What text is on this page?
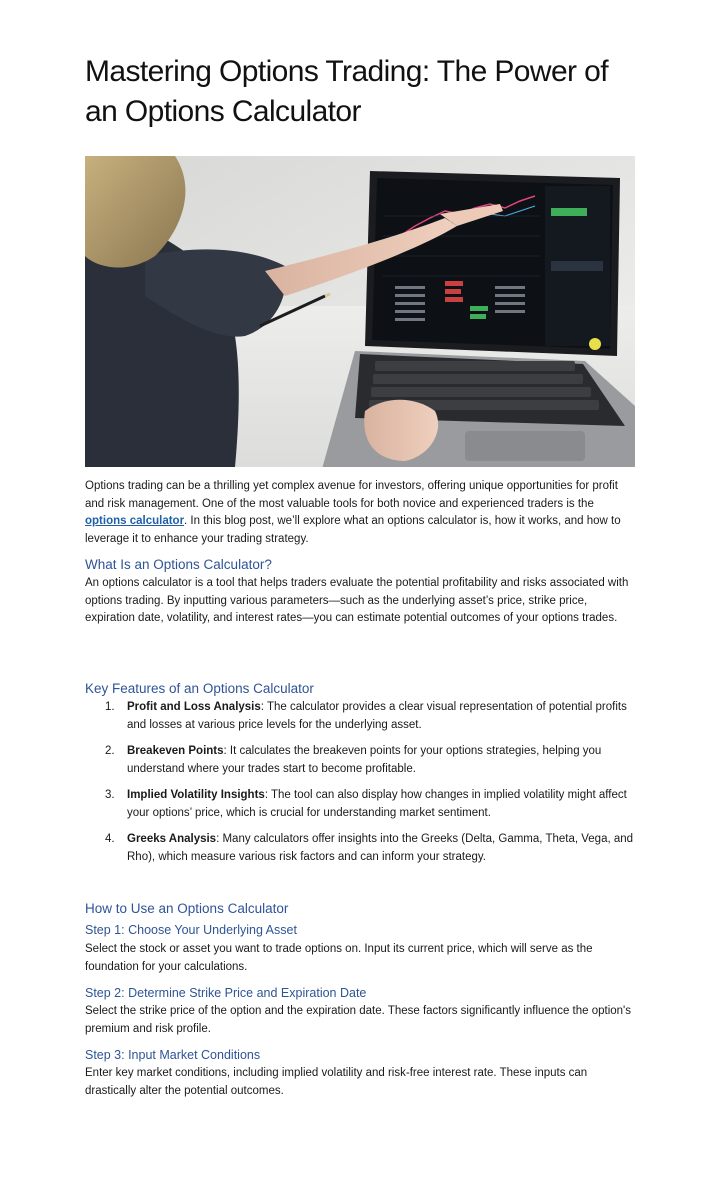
Mastering Options Trading: The Power of an Options Calculator

Options trading can be a thrilling yet complex avenue for investors, offering unique opportunities for profit and risk management. One of the most valuable tools for both novice and experienced traders is the options calculator. In this blog post, we’ll explore what an options calculator is, how it works, and how to leverage it to enhance your trading strategy.

What Is an Options Calculator?

An options calculator is a tool that helps traders evaluate the potential profitability and risks associated with options trading. By inputting various parameters—such as the underlying asset’s price, strike price, expiration date, volatility, and interest rates—you can estimate potential outcomes of your options trades.

Key Features of an Options Calculator
1. Profit and Loss Analysis: The calculator provides a clear visual representation of potential profits and losses at various price levels for the underlying asset.
2. Breakeven Points: It calculates the breakeven points for your options strategies, helping you understand where your trades start to become profitable.
3. Implied Volatility Insights: The tool can also display how changes in implied volatility might affect your options’ price, which is crucial for understanding market sentiment.
4. Greeks Analysis: Many calculators offer insights into the Greeks (Delta, Gamma, Theta, Vega, and Rho), which measure various risk factors and can inform your strategy.
How to Use an Options Calculator
Step 1: Choose Your Underlying Asset

Select the stock or asset you want to trade options on. Input its current price, which will serve as the foundation for your calculations.

Step 2: Determine Strike Price and Expiration Date

Select the strike price of the option and the expiration date. These factors significantly influence the option's premium and risk profile.

Step 3: Input Market Conditions

Enter key market conditions, including implied volatility and risk-free interest rate. These inputs can drastically alter the potential outcomes.
